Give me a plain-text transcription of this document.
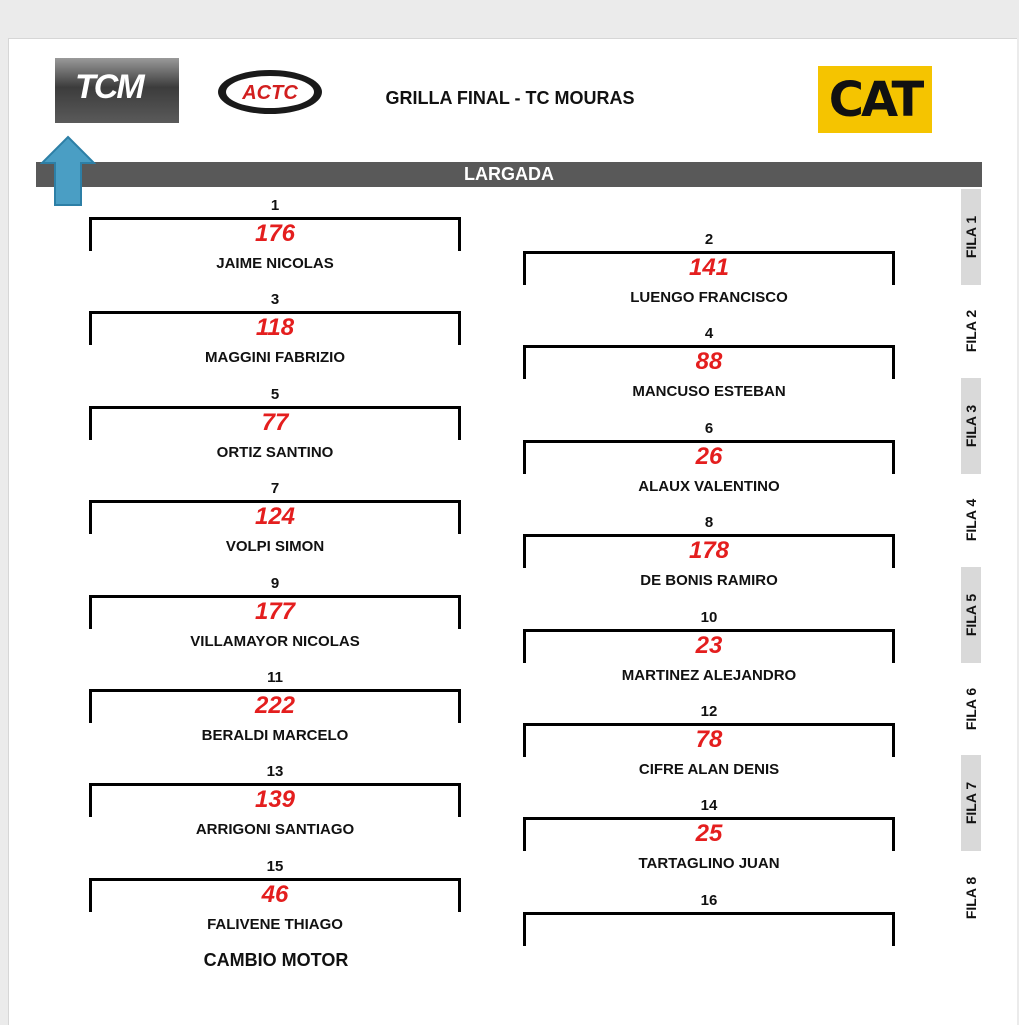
TCM	ACTC	GRILLA FINAL - TC MOURAS	CAT
LARGADA
1
176
JAIME NICOLAS
3
118
MAGGINI FABRIZIO
5
77
ORTIZ SANTINO
7
124
VOLPI SIMON
9
177
VILLAMAYOR NICOLAS
11
222
BERALDI MARCELO
13
139
ARRIGONI SANTIAGO
15
46
FALIVENE THIAGO
2
141
LUENGO FRANCISCO
4
88
MANCUSO ESTEBAN
6
26
ALAUX VALENTINO
8
178
DE BONIS RAMIRO
10
23
MARTINEZ ALEJANDRO
12
78
CIFRE ALAN DENIS
14
25
TARTAGLINO JUAN
16
FILA 1
FILA 2
FILA 3
FILA 4
FILA 5
FILA 6
FILA 7
FILA 8
CAMBIO MOTOR
